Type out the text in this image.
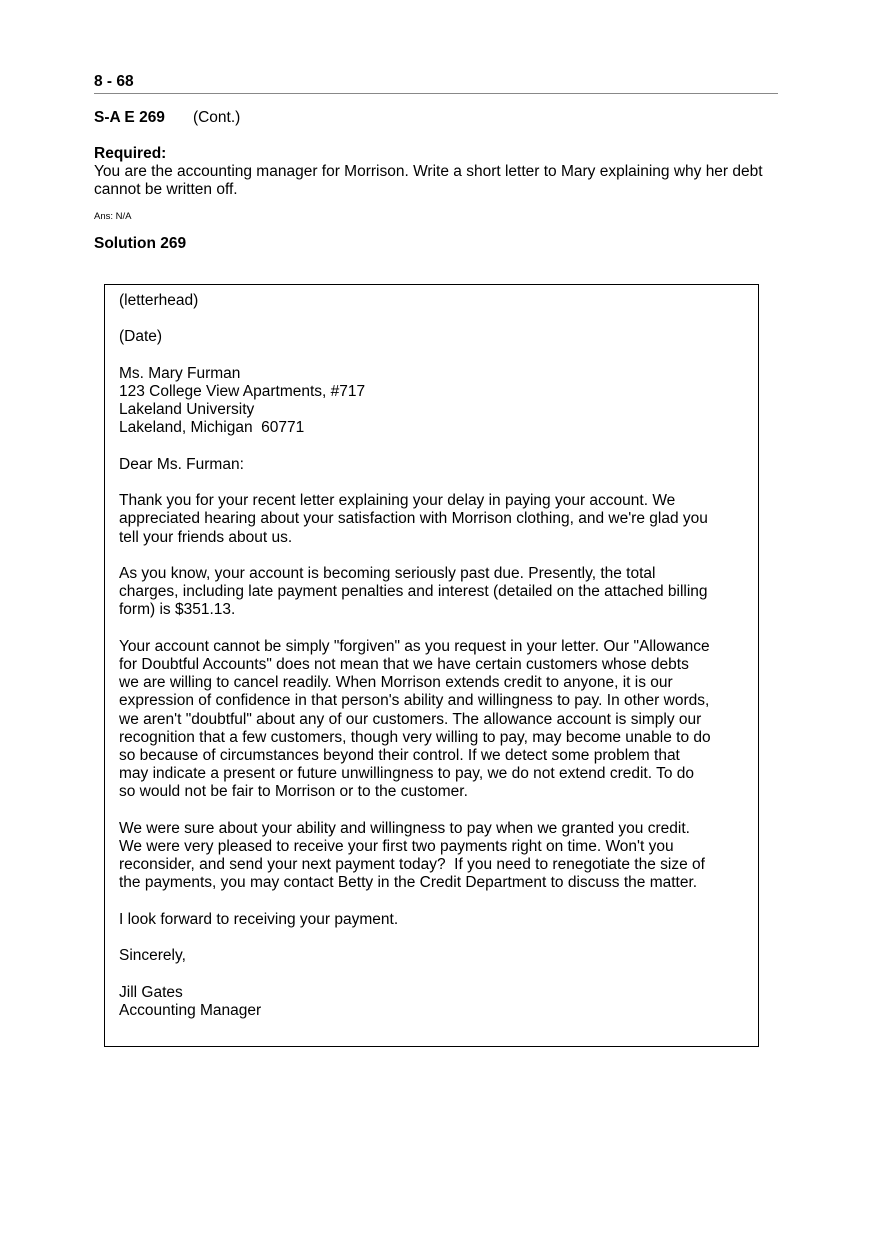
8 - 68
S-A E 269 (Cont.)
Required:
You are the accounting manager for Morrison. Write a short letter to Mary explaining why her debt cannot be written off.
Ans: N/A
Solution 269

(letterhead)

(Date)

Ms. Mary Furman
123 College View Apartments, #717
Lakeland University
Lakeland, Michigan  60771

Dear Ms. Furman:

Thank you for your recent letter explaining your delay in paying your account. We
appreciated hearing about your satisfaction with Morrison clothing, and we're glad you
tell your friends about us.

As you know, your account is becoming seriously past due. Presently, the total
charges, including late payment penalties and interest (detailed on the attached billing
form) is $351.13.

Your account cannot be simply "forgiven" as you request in your letter. Our "Allowance
for Doubtful Accounts" does not mean that we have certain customers whose debts
we are willing to cancel readily. When Morrison extends credit to anyone, it is our
expression of confidence in that person's ability and willingness to pay. In other words,
we aren't "doubtful" about any of our customers. The allowance account is simply our
recognition that a few customers, though very willing to pay, may become unable to do
so because of circumstances beyond their control. If we detect some problem that
may indicate a present or future unwillingness to pay, we do not extend credit. To do
so would not be fair to Morrison or to the customer.

We were sure about your ability and willingness to pay when we granted you credit.
We were very pleased to receive your first two payments right on time. Won't you
reconsider, and send your next payment today?  If you need to renegotiate the size of
the payments, you may contact Betty in the Credit Department to discuss the matter.

I look forward to receiving your payment.

Sincerely,

Jill Gates
Accounting Manager
